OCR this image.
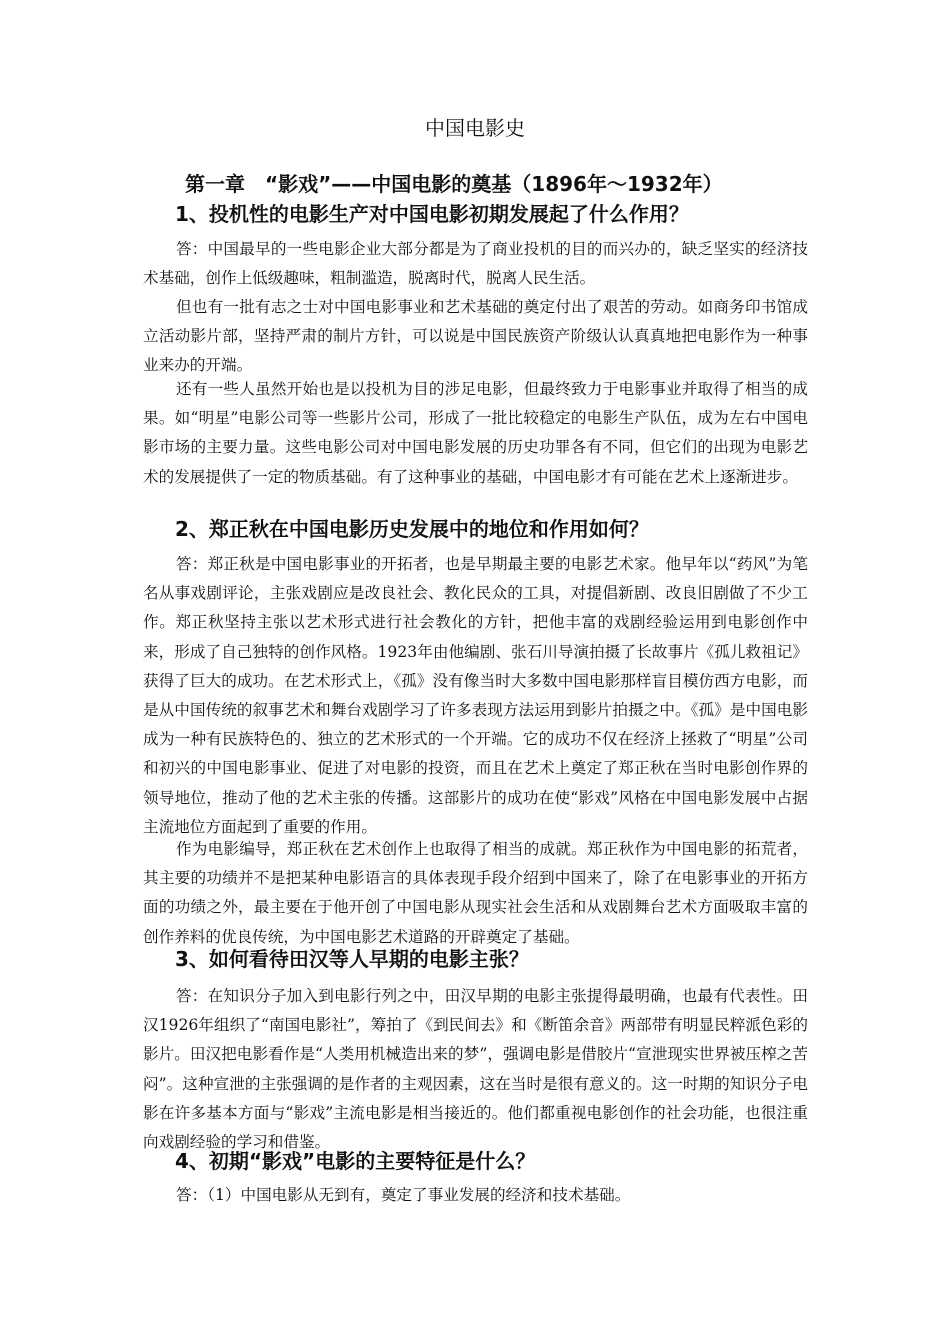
中国电影史
第一章　“影戏”——中国电影的奠基（1896年～1932年）
1、投机性的电影生产对中国电影初期发展起了什么作用？

答：中国最早的一些电影企业大部分都是为了商业投机的目的而兴办的，缺乏坚实的经济技术基础，创作上低级趣味，粗制滥造，脱离时代，脱离人民生活。

但也有一批有志之士对中国电影事业和艺术基础的奠定付出了艰苦的劳动。如商务印书馆成立活动影片部，坚持严肃的制片方针，可以说是中国民族资产阶级认认真真地把电影作为一种事业来办的开端。

还有一些人虽然开始也是以投机为目的涉足电影，但最终致力于电影事业并取得了相当的成果。如“明星”电影公司等一些影片公司，形成了一批比较稳定的电影生产队伍，成为左右中国电影市场的主要力量。这些电影公司对中国电影发展的历史功罪各有不同，但它们的出现为电影艺术的发展提供了一定的物质基础。有了这种事业的基础，中国电影才有可能在艺术上逐渐进步。

2、郑正秋在中国电影历史发展中的地位和作用如何？

答：郑正秋是中国电影事业的开拓者，也是早期最主要的电影艺术家。他早年以“药风”为笔名从事戏剧评论，主张戏剧应是改良社会、教化民众的工具，对提倡新剧、改良旧剧做了不少工作。郑正秋坚持主张以艺术形式进行社会教化的方针，把他丰富的戏剧经验运用到电影创作中来，形成了自己独特的创作风格。1923年由他编剧、张石川导演拍摄了长故事片《孤儿救祖记》获得了巨大的成功。在艺术形式上，《孤》没有像当时大多数中国电影那样盲目模仿西方电影，而是从中国传统的叙事艺术和舞台戏剧学习了许多表现方法运用到影片拍摄之中。《孤》是中国电影成为一种有民族特色的、独立的艺术形式的一个开端。它的成功不仅在经济上拯救了“明星”公司和初兴的中国电影事业、促进了对电影的投资，而且在艺术上奠定了郑正秋在当时电影创作界的领导地位，推动了他的艺术主张的传播。这部影片的成功在使“影戏”风格在中国电影发展中占据主流地位方面起到了重要的作用。

作为电影编导，郑正秋在艺术创作上也取得了相当的成就。郑正秋作为中国电影的拓荒者，其主要的功绩并不是把某种电影语言的具体表现手段介绍到中国来了，除了在电影事业的开拓方面的功绩之外，最主要在于他开创了中国电影从现实社会生活和从戏剧舞台艺术方面吸取丰富的创作养料的优良传统，为中国电影艺术道路的开辟奠定了基础。

3、如何看待田汉等人早期的电影主张？

答：在知识分子加入到电影行列之中，田汉早期的电影主张提得最明确，也最有代表性。田汉1926年组织了“南国电影社”，筹拍了《到民间去》和《断笛余音》两部带有明显民粹派色彩的影片。田汉把电影看作是“人类用机械造出来的梦”，强调电影是借胶片“宣泄现实世界被压榨之苦闷”。这种宣泄的主张强调的是作者的主观因素，这在当时是很有意义的。这一时期的知识分子电影在许多基本方面与“影戏”主流电影是相当接近的。他们都重视电影创作的社会功能，也很注重向戏剧经验的学习和借鉴。

4、初期“影戏”电影的主要特征是什么？

答：（1）中国电影从无到有，奠定了事业发展的经济和技术基础。
